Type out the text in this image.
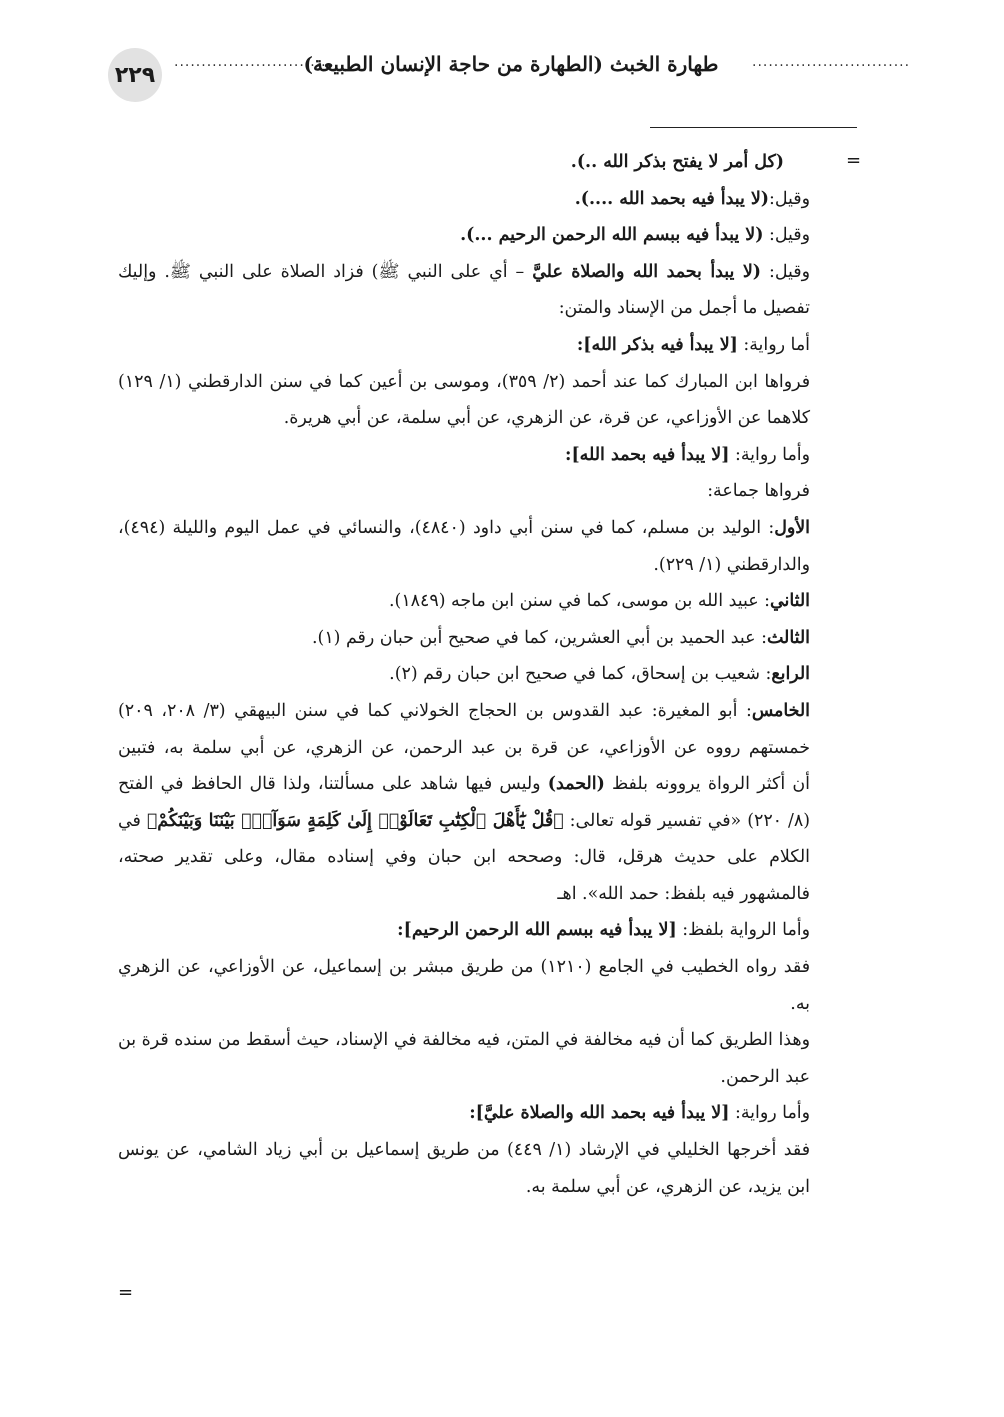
٢٢٩
.............................
طهارة الخبث (الطهارة من حاجة الإنسان الطبيعة)	.............................
=
=
(كل أمر لا يفتح بذكر الله ..).
وقيل:(لا يبدأ فيه بحمد الله ....).
وقيل: (لا يبدأ فيه ببسم الله الرحمن الرحيم ...).
وقيل: (لا يبدأ بحمد الله والصلاة عليَّ – أي على النبي ﷺ) فزاد الصلاة على النبي ﷺ. وإليك
تفصيل ما أجمل من الإسناد والمتن:
أما رواية: [لا يبدأ فيه بذكر الله]:
فرواها ابن المبارك كما عند أحمد (٢/ ٣٥٩)، وموسى بن أعين كما في سنن الدارقطني (١/ ١٢٩)
كلاهما عن الأوزاعي، عن قرة، عن الزهري، عن أبي سلمة، عن أبي هريرة.
وأما رواية: [لا يبدأ فيه بحمد الله]:
فرواها جماعة:
الأول: الوليد بن مسلم، كما في سنن أبي داود (٤٨٤٠)، والنسائي في عمل اليوم والليلة (٤٩٤)،
والدارقطني (١/ ٢٢٩).
الثاني: عبيد الله بن موسى، كما في سنن ابن ماجه (١٨٤٩).
الثالث: عبد الحميد بن أبي العشرين، كما في صحيح أبن حبان رقم (١).
الرابع: شعيب بن إسحاق، كما في صحيح ابن حبان رقم (٢).
الخامس: أبو المغيرة: عبد القدوس بن الحجاج الخولاني كما في سنن البيهقي (٣/ ٢٠٨، ٢٠٩)
خمستهم رووه عن الأوزاعي، عن قرة بن عبد الرحمن، عن الزهري، عن أبي سلمة به، فتبين
أن أكثر الرواة يروونه بلفظ (الحمد) وليس فيها شاهد على مسألتنا، ولذا قال الحافظ في الفتح
(٨/ ٢٢٠) «في تفسير قوله تعالى: ﴿قُلْ يَٰٓأَهْلَ ٱلْكِتَٰبِ تَعَالَوْا۟ إِلَىٰ كَلِمَةٍ سَوَآءٍۭ بَيْنَنَا وَبَيْنَكُمْ﴾ في
الكلام على حديث هرقل، قال: وصححه ابن حبان وفي إسناده مقال، وعلى تقدير صحته،
فالمشهور فيه بلفظ: حمد الله». اهـ
وأما الرواية بلفظ: [لا يبدأ فيه ببسم الله الرحمن الرحيم]:
فقد رواه الخطيب في الجامع (١٢١٠) من طريق مبشر بن إسماعيل، عن الأوزاعي، عن الزهري
به.
وهذا الطريق كما أن فيه مخالفة في المتن، فيه مخالفة في الإسناد، حيث أسقط من سنده قرة بن
عبد الرحمن.
وأما رواية: [لا يبدأ فيه بحمد الله والصلاة عليَّ]:
فقد أخرجها الخليلي في الإرشاد (١/ ٤٤٩) من طريق إسماعيل بن أبي زياد الشامي، عن يونس
ابن يزيد، عن الزهري، عن أبي سلمة به.
